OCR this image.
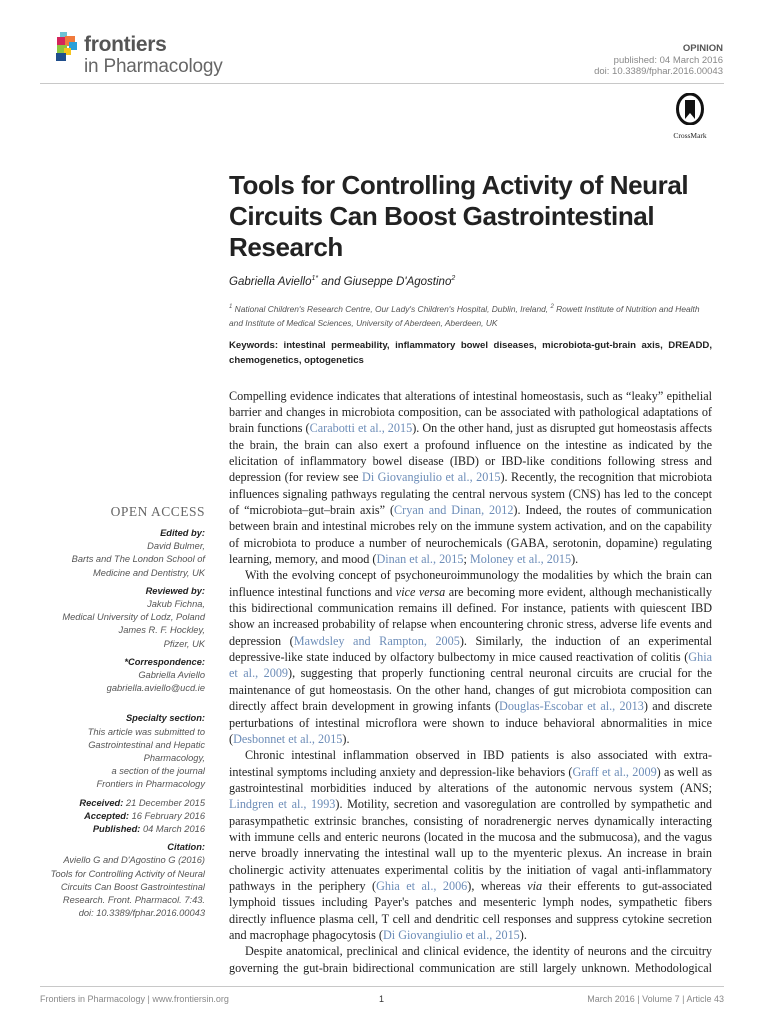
frontiers
in Pharmacology
OPINION
published: 04 March 2016
doi: 10.3389/fphar.2016.00043
CrossMark
OPEN ACCESS
Edited by:
David Bulmer,
Barts and The London School of
Medicine and Dentistry, UK
Reviewed by:
Jakub Fichna,
Medical University of Lodz, Poland
James R. F. Hockley,
Pfizer, UK
*Correspondence:
Gabriella Aviello
gabriella.aviello@ucd.ie
Specialty section:
This article was submitted to
Gastrointestinal and Hepatic
Pharmacology,
a section of the journal
Frontiers in Pharmacology
Received: 21 December 2015
Accepted: 16 February 2016
Published: 04 March 2016
Citation:
Aviello G and D'Agostino G (2016)
Tools for Controlling Activity of Neural
Circuits Can Boost Gastrointestinal
Research. Front. Pharmacol. 7:43.
doi: 10.3389/fphar.2016.00043
Tools for Controlling Activity of Neural Circuits Can Boost Gastrointestinal Research
Gabriella Aviello$^{1*}$ and Giuseppe D'Agostino$^2$
$^1$ National Children's Research Centre, Our Lady's Children's Hospital, Dublin, Ireland, $^2$ Rowett Institute of Nutrition and Health and Institute of Medical Sciences, University of Aberdeen, Aberdeen, UK
Keywords: intestinal permeability, inflammatory bowel diseases, microbiota-gut-brain axis, DREADD, chemogenetics, optogenetics

Compelling evidence indicates that alterations of intestinal homeostasis, such as “leaky” epithelial barrier and changes in microbiota composition, can be associated with pathological adaptations of brain functions (Carabotti et al., 2015). On the other hand, just as disrupted gut homeostasis affects the brain, the brain can also exert a profound influence on the intestine as indicated by the elicitation of inflammatory bowel disease (IBD) or IBD-like conditions following stress and depression (for review see Di Giovangiulio et al., 2015). Recently, the recognition that microbiota influences signaling pathways regulating the central nervous system (CNS) has led to the concept of “microbiota–gut–brain axis” (Cryan and Dinan, 2012). Indeed, the routes of communication between brain and intestinal microbes rely on the immune system activation, and on the capability of microbiota to produce a number of neurochemicals (GABA, serotonin, dopamine) regulating learning, memory, and mood (Dinan et al., 2015; Moloney et al., 2015).

With the evolving concept of psychoneuroimmunology the modalities by which the brain can influence intestinal functions and vice versa are becoming more evident, although mechanistically this bidirectional communication remains ill defined. For instance, patients with quiescent IBD show an increased probability of relapse when encountering chronic stress, adverse life events and depression (Mawdsley and Rampton, 2005). Similarly, the induction of an experimental depressive-like state induced by olfactory bulbectomy in mice caused reactivation of colitis (Ghia et al., 2009), suggesting that properly functioning central neuronal circuits are crucial for the maintenance of gut homeostasis. On the other hand, changes of gut microbiota composition can directly affect brain development in growing infants (Douglas-Escobar et al., 2013) and discrete perturbations of intestinal microflora were shown to induce behavioral abnormalities in mice (Desbonnet et al., 2015).

Chronic intestinal inflammation observed in IBD patients is also associated with extra-intestinal symptoms including anxiety and depression-like behaviors (Graff et al., 2009) as well as gastrointestinal morbidities induced by alterations of the autonomic nervous system (ANS; Lindgren et al., 1993). Motility, secretion and vasoregulation are controlled by sympathetic and parasympathetic extrinsic branches, consisting of noradrenergic nerves dynamically interacting with immune cells and enteric neurons (located in the mucosa and the submucosa), and the vagus nerve broadly innervating the intestinal wall up to the myenteric plexus. An increase in brain cholinergic activity attenuates experimental colitis by the initiation of vagal anti-inflammatory pathways in the periphery (Ghia et al., 2006), whereas via their efferents to gut-associated lymphoid tissues including Payer's patches and mesenteric lymph nodes, sympathetic fibers directly influence plasma cell, T cell and dendritic cell responses and suppress cytokine secretion and macrophage phagocytosis (Di Giovangiulio et al., 2015).

Despite anatomical, preclinical and clinical evidence, the identity of neurons and the circuitry governing the gut-brain bidirectional communication are still largely unknown. Methodological

Frontiers in Pharmacology | www.frontiersin.org	1	March 2016 | Volume 7 | Article 43
